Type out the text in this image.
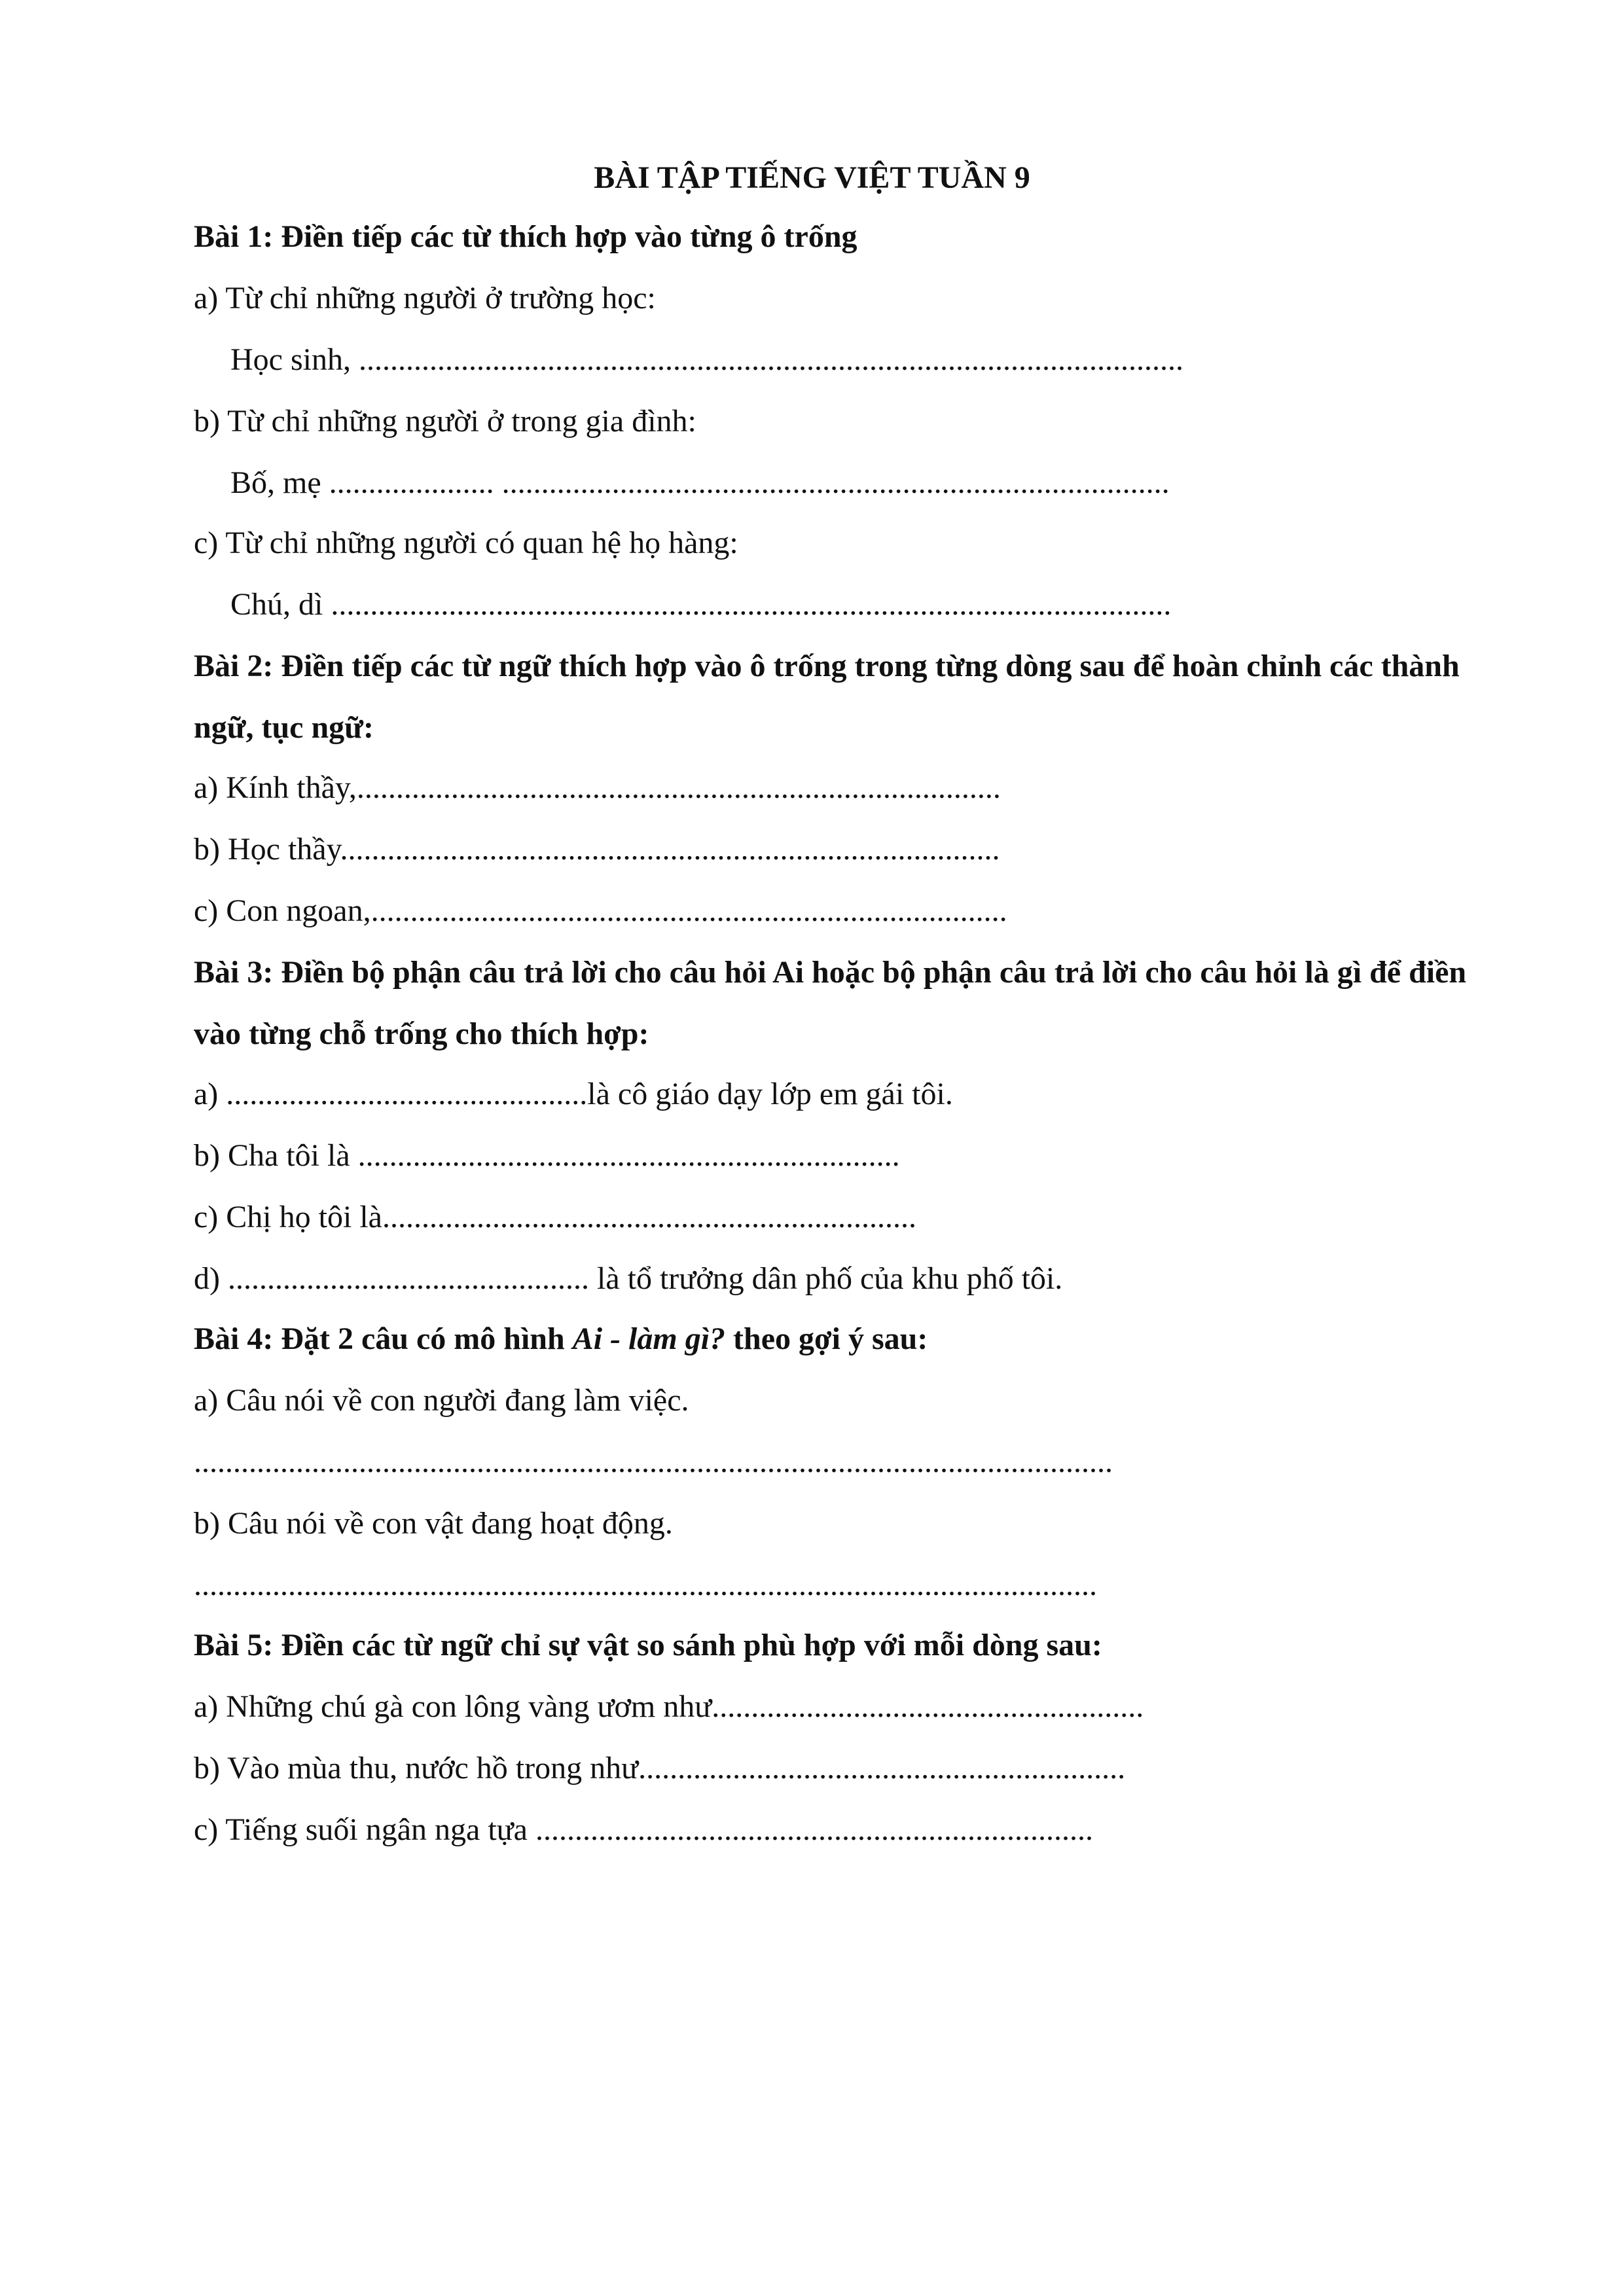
BÀI TẬP TIẾNG VIỆT TUẦN 9
Bài 1: Điền tiếp các từ thích hợp vào từng ô trống
a) Từ chỉ những người ở trường học:
Học sinh, .........................................................................................................
b) Từ chỉ những người ở trong gia đình:
Bố, mẹ ..................... .....................................................................................
c) Từ chỉ những người có quan hệ họ hàng:
Chú, dì ...........................................................................................................
Bài 2: Điền tiếp các từ ngữ thích hợp vào ô trống trong từng dòng sau để hoàn chỉnh các thành ngữ, tục ngữ:
a) Kính thầy,..................................................................................
b) Học thầy....................................................................................
c) Con ngoan,.................................................................................
Bài 3: Điền bộ phận câu trả lời cho câu hỏi Ai hoặc bộ phận câu trả lời cho câu hỏi là gì để điền vào từng chỗ trống cho thích hợp:
a) ..............................................là cô giáo dạy lớp em gái tôi.
b) Cha tôi là .....................................................................
c) Chị họ tôi là....................................................................
d) .............................................. là tổ trưởng dân phố của khu phố tôi.
Bài 4: Đặt 2 câu có mô hình Ai - làm gì? theo gợi ý sau:
a) Câu nói về con người đang làm việc.
.....................................................................................................................
b) Câu nói về con vật đang hoạt động.
...................................................................................................................
Bài 5: Điền các từ ngữ chỉ sự vật so sánh phù hợp với mỗi dòng sau:
a) Những chú gà con lông vàng ươm như.......................................................
b) Vào mùa thu, nước hồ trong như..............................................................
c) Tiếng suối ngân nga tựa .......................................................................
